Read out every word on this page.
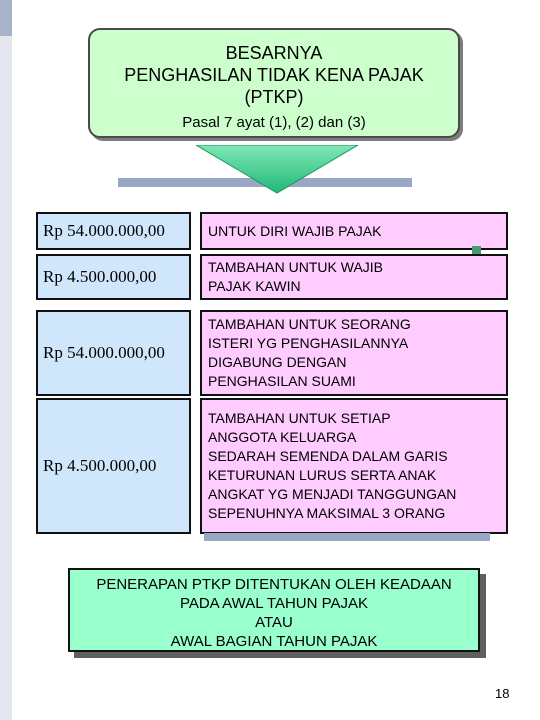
BESARNYA
PENGHASILAN TIDAK KENA PAJAK
(PTKP)
Pasal 7 ayat (1), (2) dan (3)
Rp 54.000.000,00	UNTUK DIRI WAJIB PAJAK
Rp 4.500.000,00	TAMBAHAN UNTUK WAJIB
PAJAK KAWIN
Rp 54.000.000,00
TAMBAHAN UNTUK SEORANG
ISTERI YG PENGHASILANNYA
DIGABUNG DENGAN
PENGHASILAN SUAMI
Rp 4.500.000,00
TAMBAHAN UNTUK SETIAP
ANGGOTA KELUARGA
SEDARAH SEMENDA DALAM GARIS
KETURUNAN LURUS SERTA ANAK
ANGKAT YG MENJADI TANGGUNGAN
SEPENUHNYA MAKSIMAL 3 ORANG
PENERAPAN PTKP DITENTUKAN OLEH KEADAAN
PADA AWAL TAHUN PAJAK
ATAU
AWAL BAGIAN TAHUN PAJAK
18
